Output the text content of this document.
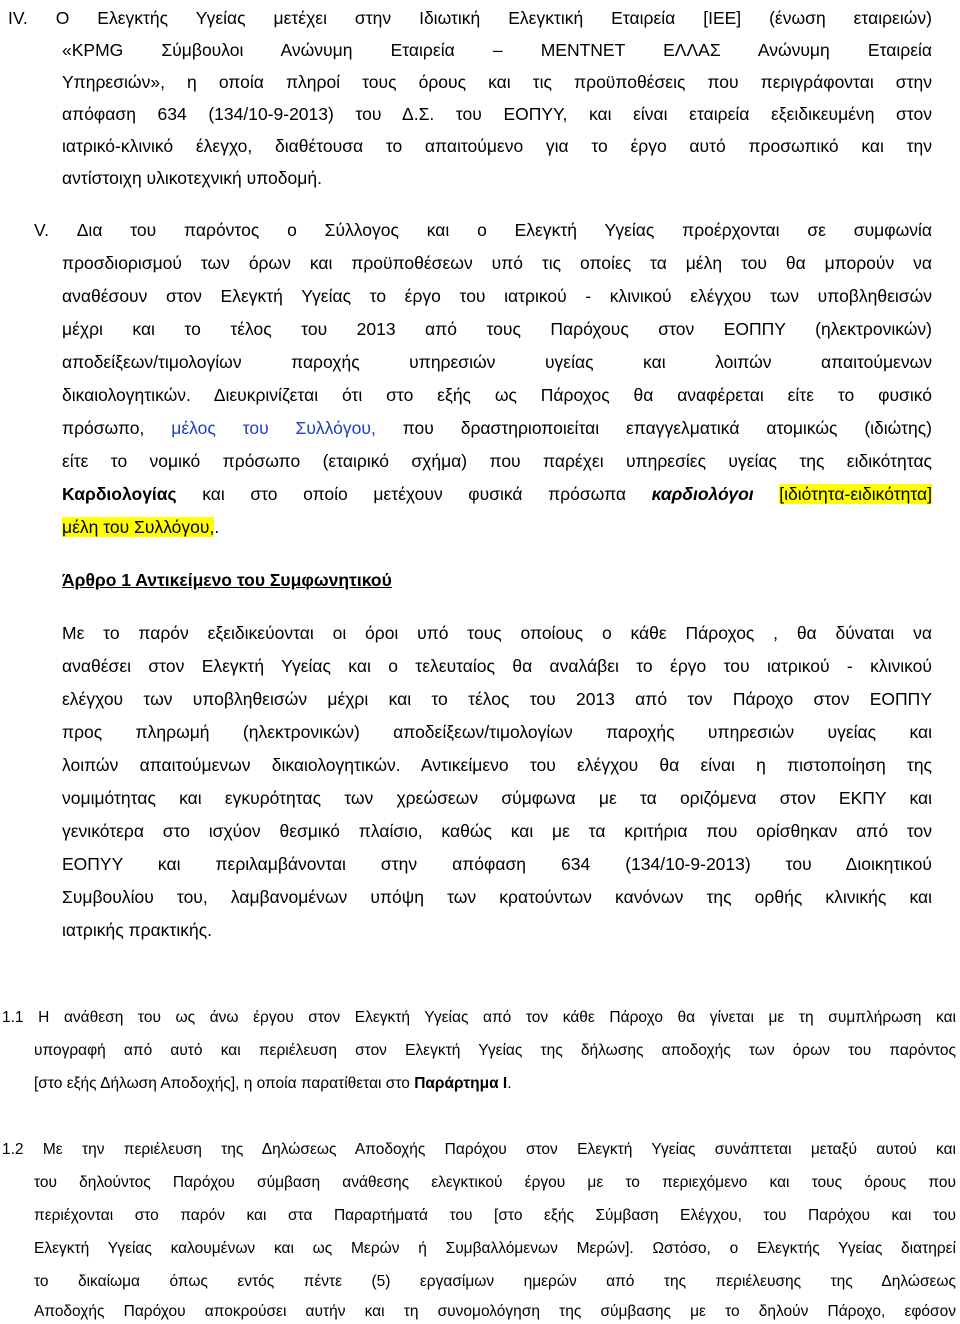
IV. Ο Ελεγκτής Υγείας μετέχει στην Ιδιωτική Ελεγκτική Εταιρεία [ΙΕΕ] (ένωση εταιρειών)

«KPMG Σύμβουλοι Ανώνυμη Εταιρεία – ΜΕΝΤΝΕΤ ΕΛΛΑΣ Ανώνυμη Εταιρεία

Υπηρεσιών», η οποία πληροί τους όρους και τις προϋποθέσεις που περιγράφονται στην

απόφαση 634 (134/10-9-2013) του Δ.Σ. του ΕΟΠΥΥ, και είναι εταιρεία εξειδικευμένη στον

ιατρικό-κλινικό έλεγχο, διαθέτουσα το απαιτούμενο για το έργο αυτό προσωπικό και την

αντίστοιχη υλικοτεχνική υποδομή.

V. Δια του παρόντος ο Σύλλογος και ο Ελεγκτή Υγείας προέρχονται σε συμφωνία

προσδιορισμού των όρων και προϋποθέσεων υπό τις οποίες τα μέλη του θα μπορούν να

αναθέσουν στον Ελεγκτή Υγείας το έργο του ιατρικού - κλινικού ελέγχου των υποβληθεισών

μέχρι και το τέλος του 2013 από τους Παρόχους στον ΕΟΠΠΥ (ηλεκτρονικών)

αποδείξεων/τιμολογίων παροχής υπηρεσιών υγείας και λοιπών απαιτούμενων

δικαιολογητικών. Διευκρινίζεται ότι στο εξής ως Πάροχος θα αναφέρεται είτε το φυσικό

πρόσωπο, μέλος του Συλλόγου, που δραστηριοποιείται επαγγελματικά ατομικώς (ιδιώτης)

είτε το νομικό πρόσωπο (εταιρικό σχήμα) που παρέχει υπηρεσίες υγείας της ειδικότητας

Καρδιολογίας και στο οποίο μετέχουν φυσικά πρόσωπα καρδιολόγοι [ιδιότητα-ειδικότητα]

μέλη του Συλλόγου,.

Άρθρο 1 Αντικείμενο του Συμφωνητικού

Με το παρόν εξειδικεύονται οι όροι υπό τους οποίους ο κάθε Πάροχος , θα δύναται να

αναθέσει στον Ελεγκτή Υγείας και ο τελευταίος θα αναλάβει το έργο του ιατρικού - κλινικού

ελέγχου των υποβληθεισών μέχρι και το τέλος του 2013 από τον Πάροχο στον ΕΟΠΠΥ

προς πληρωμή (ηλεκτρονικών) αποδείξεων/τιμολογίων παροχής υπηρεσιών υγείας και

λοιπών απαιτούμενων δικαιολογητικών. Αντικείμενο του ελέγχου θα είναι η πιστοποίηση της

νομιμότητας και εγκυρότητας των χρεώσεων σύμφωνα με τα οριζόμενα στον ΕΚΠΥ και

γενικότερα στο ισχύον θεσμικό πλαίσιο, καθώς και με τα κριτήρια που ορίσθηκαν από τον

ΕΟΠΥΥ και περιλαμβάνονται στην απόφαση 634 (134/10-9-2013) του Διοικητικού

Συμβουλίου του, λαμβανομένων υπόψη των κρατούντων κανόνων της ορθής κλινικής και

ιατρικής πρακτικής.

1.1 Η ανάθεση του ως άνω έργου στον Ελεγκτή Υγείας από τον κάθε Πάροχο θα γίνεται με τη συμπλήρωση και

υπογραφή από αυτό και περιέλευση στον Ελεγκτή Υγείας της δήλωσης αποδοχής των όρων του παρόντος

[στο εξής Δήλωση Αποδοχής], η οποία παρατίθεται στο Παράρτημα Ι.

1.2 Με την περιέλευση της Δηλώσεως Αποδοχής Παρόχου στον Ελεγκτή Υγείας συνάπτεται μεταξύ αυτού και

του δηλούντος Παρόχου σύμβαση ανάθεσης ελεγκτικού έργου με το περιεχόμενο και τους όρους που

περιέχονται στο παρόν και στα Παραρτήματά του [στο εξής Σύμβαση Ελέγχου, του Παρόχου και του

Ελεγκτή Υγείας καλουμένων και ως Μερών ή Συμβαλλόμενων Μερών]. Ωστόσο, ο Ελεγκτής Υγείας διατηρεί

το δικαίωμα όπως εντός πέντε (5) εργασίμων ημερών από της περιέλευσης της Δηλώσεως

Αποδοχής Παρόχου αποκρούσει αυτήν και τη συνομολόγηση της σύμβασης με το δηλούν Πάροχο, εφόσον
